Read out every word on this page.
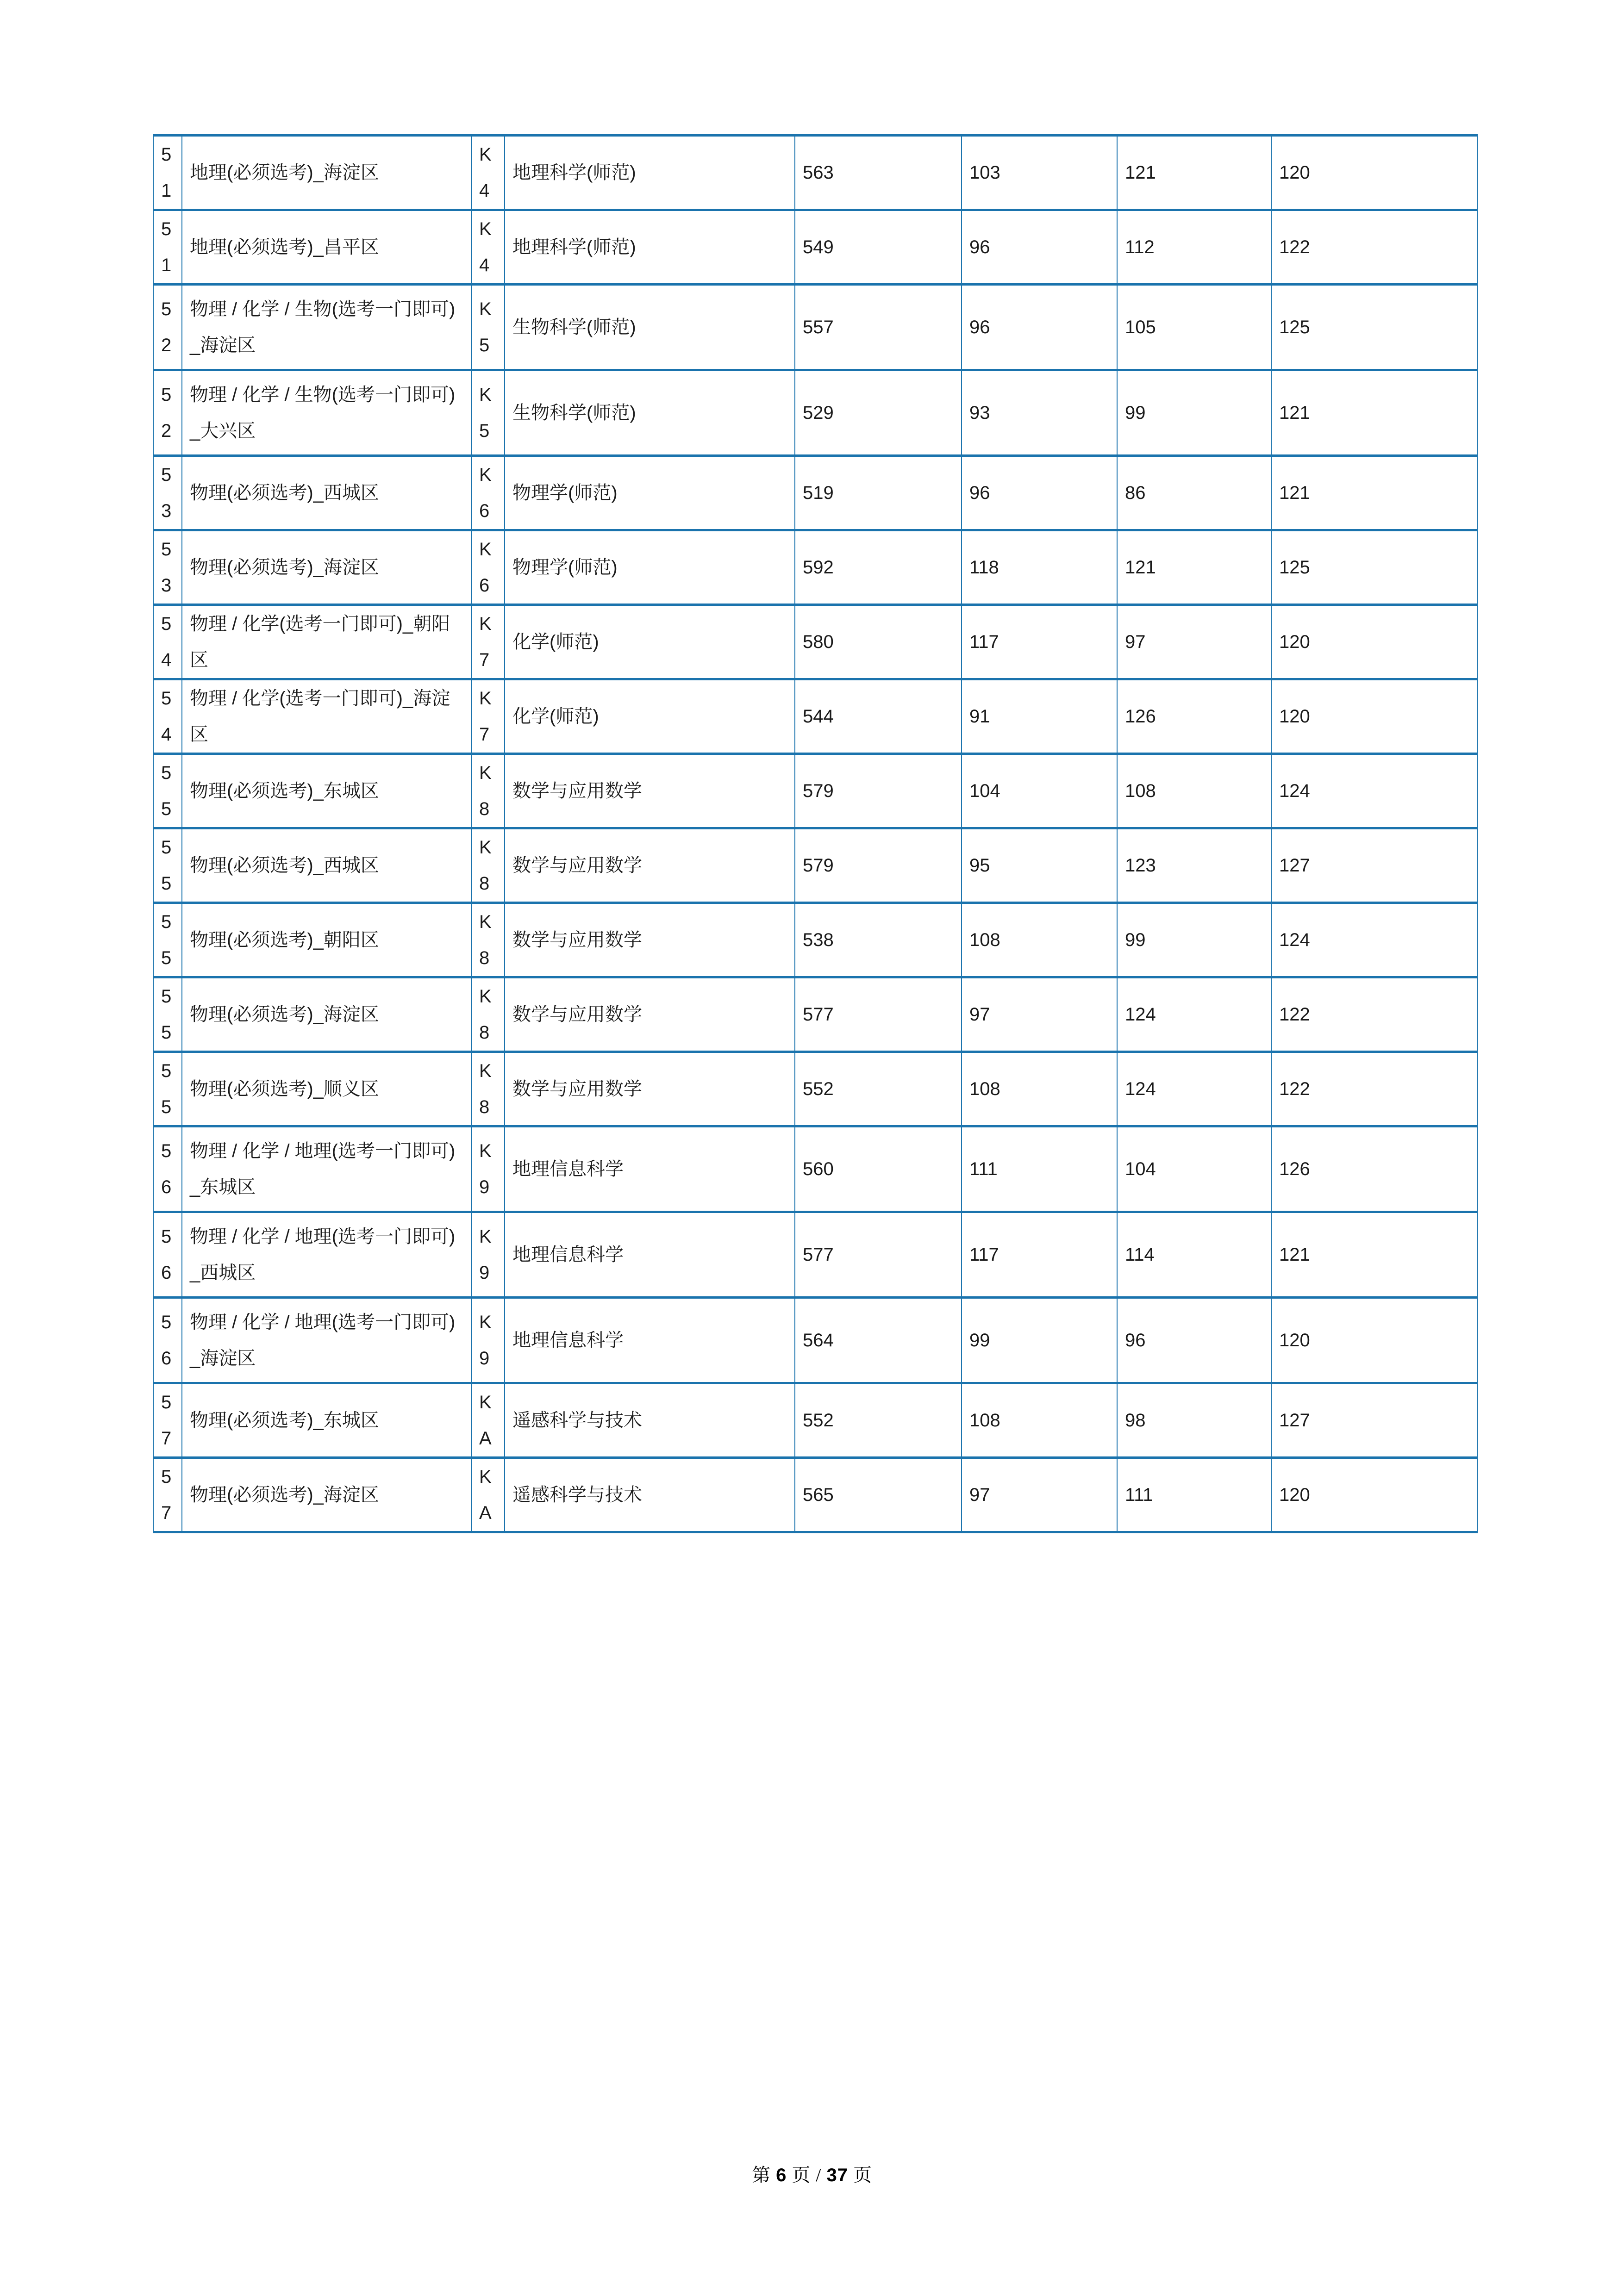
51	地理(必须选考)_海淀区	K4	地理科学(师范)	563	103	121	120
51	地理(必须选考)_昌平区	K4	地理科学(师范)	549	96	112	122
52	物理 / 化学 / 生物(选考一门即可)_海淀区	K5	生物科学(师范)	557	96	105	125
52	物理 / 化学 / 生物(选考一门即可)_大兴区	K5	生物科学(师范)	529	93	99	121
53	物理(必须选考)_西城区	K6	物理学(师范)	519	96	86	121
53	物理(必须选考)_海淀区	K6	物理学(师范)	592	118	121	125
54	物理 / 化学(选考一门即可)_朝阳区	K7	化学(师范)	580	117	97	120
54	物理 / 化学(选考一门即可)_海淀区	K7	化学(师范)	544	91	126	120
55	物理(必须选考)_东城区	K8	数学与应用数学	579	104	108	124
55	物理(必须选考)_西城区	K8	数学与应用数学	579	95	123	127
55	物理(必须选考)_朝阳区	K8	数学与应用数学	538	108	99	124
55	物理(必须选考)_海淀区	K8	数学与应用数学	577	97	124	122
55	物理(必须选考)_顺义区	K8	数学与应用数学	552	108	124	122
56	物理 / 化学 / 地理(选考一门即可)_东城区	K9	地理信息科学	560	111	104	126
56	物理 / 化学 / 地理(选考一门即可)_西城区	K9	地理信息科学	577	117	114	121
56	物理 / 化学 / 地理(选考一门即可)_海淀区	K9	地理信息科学	564	99	96	120
57	物理(必须选考)_东城区	KA	遥感科学与技术	552	108	98	127
57	物理(必须选考)_海淀区	KA	遥感科学与技术	565	97	111	120
第 6 页 / 37 页
